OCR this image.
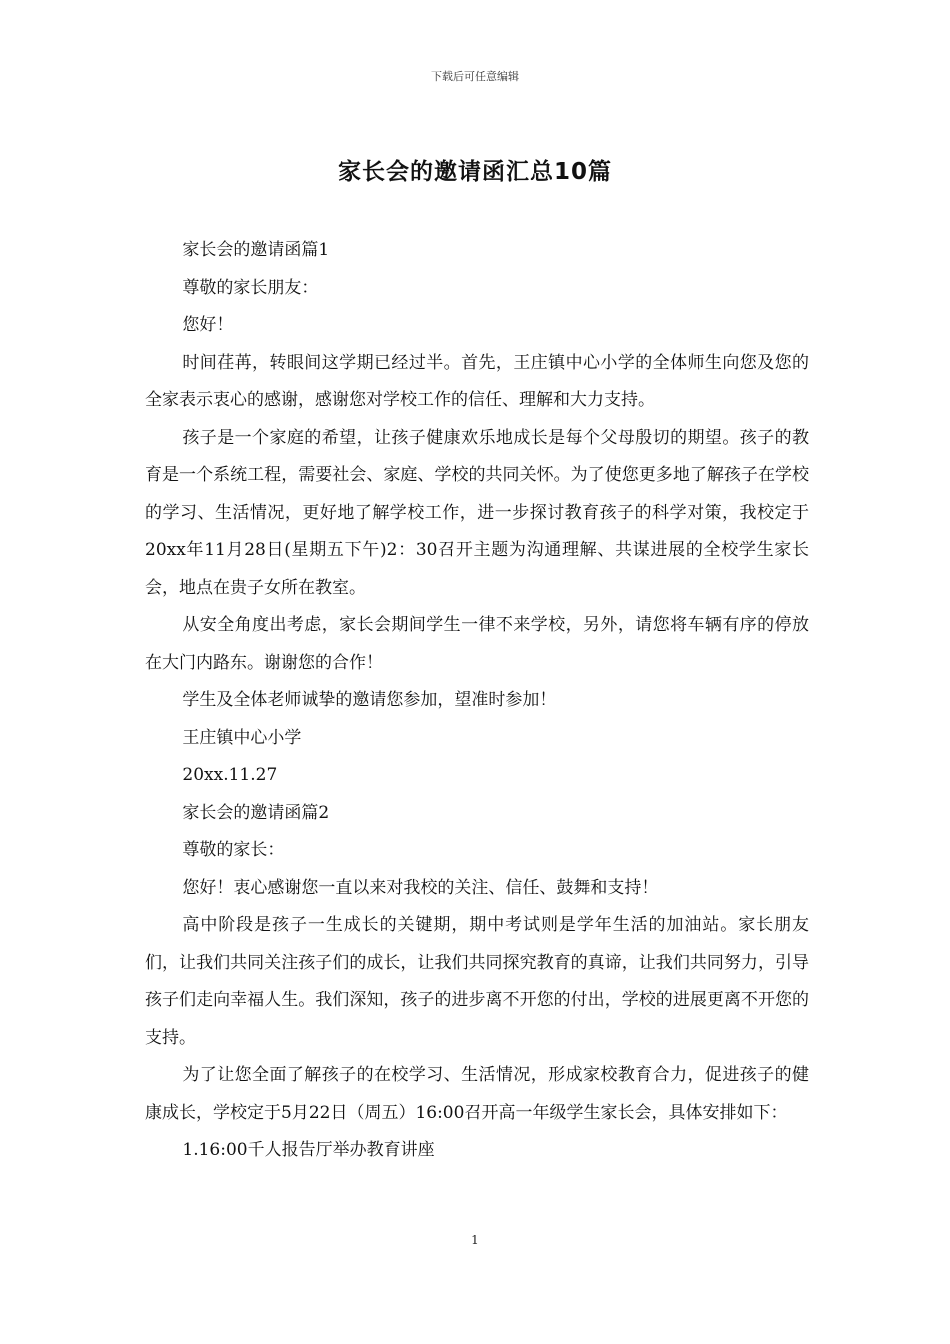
下载后可任意编辑
家长会的邀请函汇总10篇

家长会的邀请函篇1

尊敬的家长朋友：

您好！

时间荏苒，转眼间这学期已经过半。首先，王庄镇中心小学的全体师生向您及您的全家表示衷心的感谢，感谢您对学校工作的信任、理解和大力支持。

孩子是一个家庭的希望，让孩子健康欢乐地成长是每个父母殷切的期望。孩子的教育是一个系统工程，需要社会、家庭、学校的共同关怀。为了使您更多地了解孩子在学校的学习、生活情况，更好地了解学校工作，进一步探讨教育孩子的科学对策，我校定于20xx年11月28日(星期五下午)2：30召开主题为沟通理解、共谋进展的全校学生家长会，地点在贵子女所在教室。

从安全角度出考虑，家长会期间学生一律不来学校，另外，请您将车辆有序的停放在大门内路东。谢谢您的合作！

学生及全体老师诚挚的邀请您参加，望准时参加！

王庄镇中心小学

20xx.11.27

家长会的邀请函篇2

尊敬的家长：

您好！衷心感谢您一直以来对我校的关注、信任、鼓舞和支持！

高中阶段是孩子一生成长的关键期，期中考试则是学年生活的加油站。家长朋友们，让我们共同关注孩子们的成长，让我们共同探究教育的真谛，让我们共同努力，引导孩子们走向幸福人生。我们深知，孩子的进步离不开您的付出，学校的进展更离不开您的支持。

为了让您全面了解孩子的在校学习、生活情况，形成家校教育合力，促进孩子的健康成长，学校定于5月22日（周五）16:00召开高一年级学生家长会，具体安排如下：

1.16:00千人报告厅举办教育讲座

1
